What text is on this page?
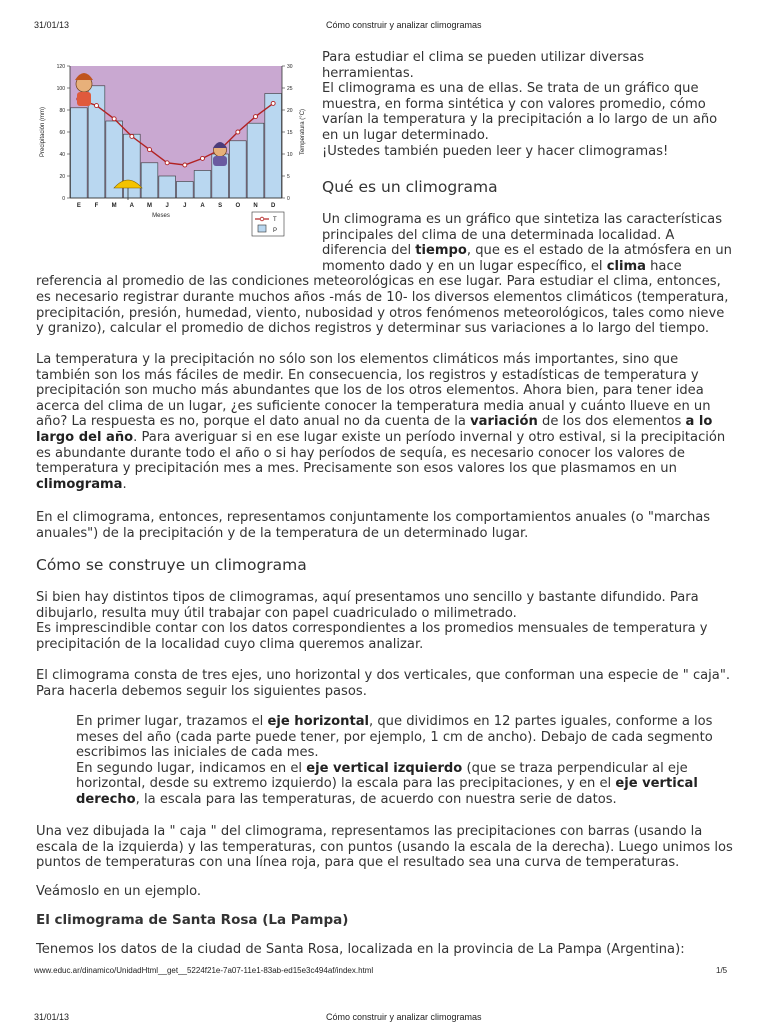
31/01/13	Cómo construir y analizar climogramas
0
20
40
60
80
100
120
0
5
10
15
20
25
30
E F M A M J J A S O N D
Meses
Precipitación (mm)	Temperatura (°C)
T
P
Para estudiar el clima se pueden utilizar diversas herramientas.
El climograma es una de ellas. Se trata de un gráfico que muestra, en forma sintética y con valores promedio, cómo varían la temperatura y la precipitación a lo largo de un año en un lugar determinado.
¡Ustedes también pueden leer y hacer climogramas!
Qué es un climograma
Un climograma es un gráfico que sintetiza las características principales del clima de una determinada localidad. A diferencia del tiempo, que es el estado de la atmósfera en un momento dado y en un lugar específico, el clima hace referencia al promedio de las condiciones meteorológicas en ese lugar. Para estudiar el clima, entonces, es necesario registrar durante muchos años -más de 10- los diversos elementos climáticos (temperatura, precipitación, presión, humedad, viento, nubosidad y otros fenómenos meteorológicos, tales como nieve y granizo), calcular el promedio de dichos registros y determinar sus variaciones a lo largo del tiempo.
La temperatura y la precipitación no sólo son los elementos climáticos más importantes, sino que también son los más fáciles de medir. En consecuencia, los registros y estadísticas de temperatura y precipitación son mucho más abundantes que los de los otros elementos. Ahora bien, para tener idea acerca del clima de un lugar, ¿es suficiente conocer la temperatura media anual y cuánto llueve en un año? La respuesta es no, porque el dato anual no da cuenta de la variación de los dos elementos a lo largo del año. Para averiguar si en ese lugar existe un período invernal y otro estival, si la precipitación es abundante durante todo el año o si hay períodos de sequía, es necesario conocer los valores de temperatura y precipitación mes a mes. Precisamente son esos valores los que plasmamos en un climograma.
En el climograma, entonces, representamos conjuntamente los comportamientos anuales (o "marchas anuales") de la precipitación y de la temperatura de un determinado lugar.
Cómo se construye un climograma
Si bien hay distintos tipos de climogramas, aquí presentamos uno sencillo y bastante difundido. Para dibujarlo, resulta muy útil trabajar con papel cuadriculado o milimetrado.
Es imprescindible contar con los datos correspondientes a los promedios mensuales de temperatura y precipitación de la localidad cuyo clima queremos analizar.
El climograma consta de tres ejes, uno horizontal y dos verticales, que conforman una especie de " caja". Para hacerla debemos seguir los siguientes pasos.
En primer lugar, trazamos el eje horizontal, que dividimos en 12 partes iguales, conforme a los meses del año (cada parte puede tener, por ejemplo, 1 cm de ancho). Debajo de cada segmento escribimos las iniciales de cada mes.
En segundo lugar, indicamos en el eje vertical izquierdo (que se traza perpendicular al eje horizontal, desde su extremo izquierdo) la escala para las precipitaciones, y en el eje vertical derecho, la escala para las temperaturas, de acuerdo con nuestra serie de datos.
Una vez dibujada la " caja " del climograma, representamos las precipitaciones con barras (usando la escala de la izquierda) y las temperaturas, con puntos (usando la escala de la derecha). Luego unimos los puntos de temperaturas con una línea roja, para que el resultado sea una curva de temperaturas.
Veámoslo en un ejemplo.
El climograma de Santa Rosa (La Pampa)
Tenemos los datos de la ciudad de Santa Rosa, localizada en la provincia de La Pampa (Argentina):
www.educ.ar/dinamico/UnidadHtml__get__5224f21e-7a07-11e1-83ab-ed15e3c494af/index.html	1/5
31/01/13	Cómo construir y analizar climogramas
